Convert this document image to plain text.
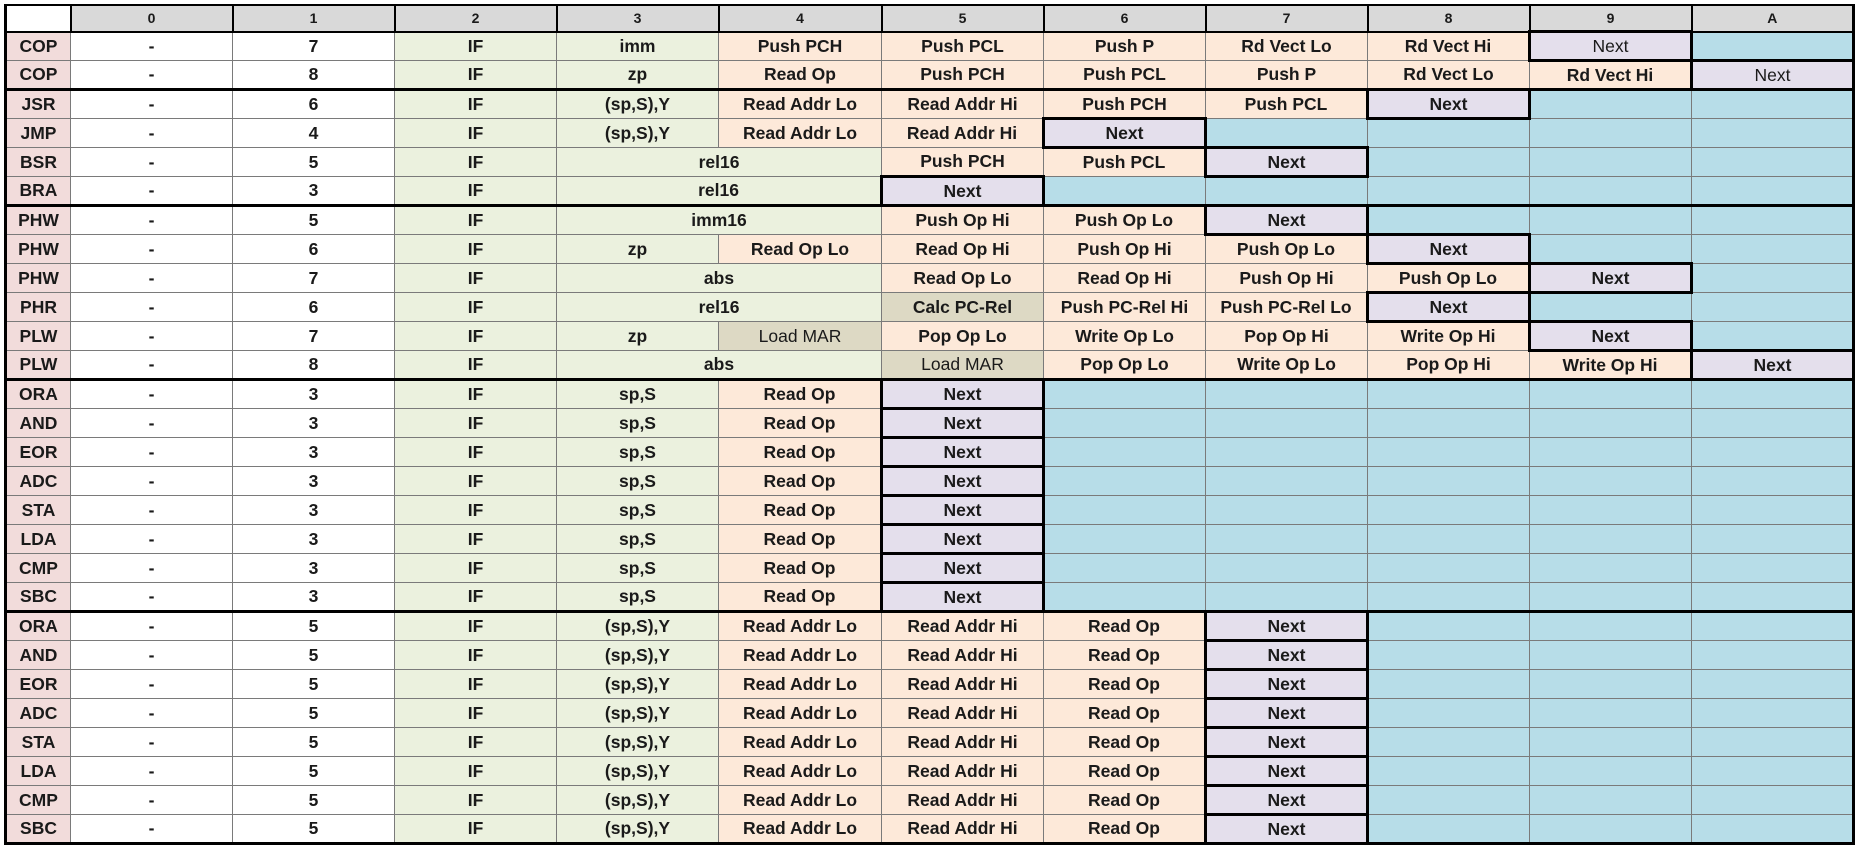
	0	1	2	3	4	5	6	7	8	9	A
COP	-	7	IF	imm	Push PCH	Push PCL	Push P	Rd Vect Lo	Rd Vect Hi	Next	
COP	-	8	IF	zp	Read Op	Push PCH	Push PCL	Push P	Rd Vect Lo	Rd Vect Hi	Next
JSR	-	6	IF	(sp,S),Y	Read Addr Lo	Read Addr Hi	Push PCH	Push PCL	Next		
JMP	-	4	IF	(sp,S),Y	Read Addr Lo	Read Addr Hi	Next				
BSR	-	5	IF	rel16		Push PCH	Push PCL	Next			
BRA	-	3	IF	rel16		Next					
PHW	-	5	IF	imm16		Push Op Hi	Push Op Lo	Next			
PHW	-	6	IF	zp	Read Op Lo	Read Op Hi	Push Op Hi	Push Op Lo	Next		
PHW	-	7	IF	abs		Read Op Lo	Read Op Hi	Push Op Hi	Push Op Lo	Next	
PHR	-	6	IF	rel16		Calc PC-Rel	Push PC-Rel Hi	Push PC-Rel Lo	Next		
PLW	-	7	IF	zp	Load MAR	Pop Op Lo	Write Op Lo	Pop Op Hi	Write Op Hi	Next	
PLW	-	8	IF	abs		Load MAR	Pop Op Lo	Write Op Lo	Pop Op Hi	Write Op Hi	Next
ORA	-	3	IF	sp,S	Read Op	Next					
AND	-	3	IF	sp,S	Read Op	Next					
EOR	-	3	IF	sp,S	Read Op	Next					
ADC	-	3	IF	sp,S	Read Op	Next					
STA	-	3	IF	sp,S	Read Op	Next					
LDA	-	3	IF	sp,S	Read Op	Next					
CMP	-	3	IF	sp,S	Read Op	Next					
SBC	-	3	IF	sp,S	Read Op	Next					
ORA	-	5	IF	(sp,S),Y	Read Addr Lo	Read Addr Hi	Read Op	Next			
AND	-	5	IF	(sp,S),Y	Read Addr Lo	Read Addr Hi	Read Op	Next			
EOR	-	5	IF	(sp,S),Y	Read Addr Lo	Read Addr Hi	Read Op	Next			
ADC	-	5	IF	(sp,S),Y	Read Addr Lo	Read Addr Hi	Read Op	Next			
STA	-	5	IF	(sp,S),Y	Read Addr Lo	Read Addr Hi	Read Op	Next			
LDA	-	5	IF	(sp,S),Y	Read Addr Lo	Read Addr Hi	Read Op	Next			
CMP	-	5	IF	(sp,S),Y	Read Addr Lo	Read Addr Hi	Read Op	Next			
SBC	-	5	IF	(sp,S),Y	Read Addr Lo	Read Addr Hi	Read Op	Next			
